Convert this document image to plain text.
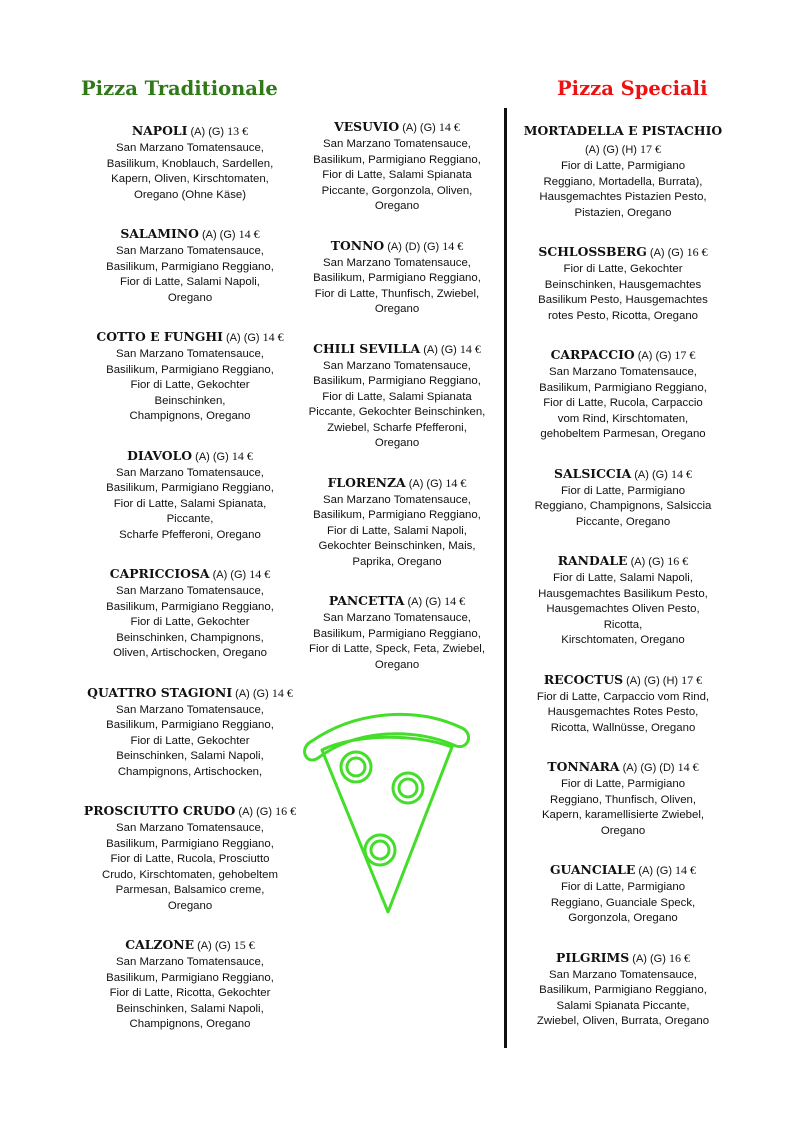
Pizza Traditionale	Pizza Speciali
NAPOLI (A) (G) 13 €
San Marzano Tomatensauce,
Basilikum, Knoblauch, Sardellen,
Kapern, Oliven, Kirschtomaten,
Oregano (Ohne Käse)
SALAMINO (A) (G) 14 €
San Marzano Tomatensauce,
Basilikum, Parmigiano Reggiano,
Fior di Latte, Salami Napoli,
Oregano
COTTO E FUNGHI (A) (G) 14 €
San Marzano Tomatensauce,
Basilikum, Parmigiano Reggiano,
Fior di Latte, Gekochter
Beinschinken,
Champignons, Oregano
DIAVOLO (A) (G) 14 €
San Marzano Tomatensauce,
Basilikum, Parmigiano Reggiano,
Fior di Latte, Salami Spianata,
Piccante,
Scharfe Pfefferoni, Oregano
CAPRICCIOSA (A) (G) 14 €
San Marzano Tomatensauce,
Basilikum, Parmigiano Reggiano,
Fior di Latte, Gekochter
Beinschinken, Champignons,
Oliven, Artischocken, Oregano
QUATTRO STAGIONI (A) (G) 14 €
San Marzano Tomatensauce,
Basilikum, Parmigiano Reggiano,
Fior di Latte, Gekochter
Beinschinken, Salami Napoli,
Champignons, Artischocken,
PROSCIUTTO CRUDO (A) (G) 16 €
San Marzano Tomatensauce,
Basilikum, Parmigiano Reggiano,
Fior di Latte, Rucola, Prosciutto
Crudo, Kirschtomaten, gehobeltem
Parmesan, Balsamico creme,
Oregano
CALZONE (A) (G) 15 €
San Marzano Tomatensauce,
Basilikum, Parmigiano Reggiano,
Fior di Latte, Ricotta, Gekochter
Beinschinken, Salami Napoli,
Champignons, Oregano
VESUVIO (A) (G) 14 €
San Marzano Tomatensauce,
Basilikum, Parmigiano Reggiano,
Fior di Latte, Salami Spianata
Piccante, Gorgonzola, Oliven,
Oregano
TONNO (A) (D) (G) 14 €
San Marzano Tomatensauce,
Basilikum, Parmigiano Reggiano,
Fior di Latte, Thunfisch, Zwiebel,
Oregano
CHILI SEVILLA (A) (G) 14 €
San Marzano Tomatensauce,
Basilikum, Parmigiano Reggiano,
Fior di Latte, Salami Spianata
Piccante, Gekochter Beinschinken,
Zwiebel, Scharfe Pfefferoni,
Oregano
FLORENZA (A) (G) 14 €
San Marzano Tomatensauce,
Basilikum, Parmigiano Reggiano,
Fior di Latte, Salami Napoli,
Gekochter Beinschinken, Mais,
Paprika, Oregano
PANCETTA (A) (G) 14 €
San Marzano Tomatensauce,
Basilikum, Parmigiano Reggiano,
Fior di Latte, Speck, Feta, Zwiebel,
Oregano
MORTADELLA E PISTACHIO (A) (G) (H) 17 €
Fior di Latte, Parmigiano
Reggiano, Mortadella, Burrata),
Hausgemachtes Pistazien Pesto,
Pistazien, Oregano
SCHLOSSBERG (A) (G) 16 €
Fior di Latte, Gekochter
Beinschinken, Hausgemachtes
Basilikum Pesto, Hausgemachtes
rotes Pesto, Ricotta, Oregano
CARPACCIO (A) (G) 17 €
San Marzano Tomatensauce,
Basilikum, Parmigiano Reggiano,
Fior di Latte, Rucola, Carpaccio
vom Rind, Kirschtomaten,
gehobeltem Parmesan, Oregano
SALSICCIA (A) (G) 14 €
Fior di Latte, Parmigiano
Reggiano, Champignons, Salsiccia
Piccante, Oregano
RANDALE (A) (G) 16 €
Fior di Latte, Salami Napoli,
Hausgemachtes Basilikum Pesto,
Hausgemachtes Oliven Pesto,
Ricotta,
Kirschtomaten, Oregano
RECOCTUS (A) (G) (H) 17 €
Fior di Latte, Carpaccio vom Rind,
Hausgemachtes Rotes Pesto,
Ricotta, Wallnüsse, Oregano
TONNARA (A) (G) (D) 14 €
Fior di Latte, Parmigiano
Reggiano, Thunfisch, Oliven,
Kapern, karamellisierte Zwiebel,
Oregano
GUANCIALE (A) (G) 14 €
Fior di Latte, Parmigiano
Reggiano, Guanciale Speck,
Gorgonzola, Oregano
PILGRIMS (A) (G) 16 €
San Marzano Tomatensauce,
Basilikum, Parmigiano Reggiano,
Salami Spianata Piccante,
Zwiebel, Oliven, Burrata, Oregano
